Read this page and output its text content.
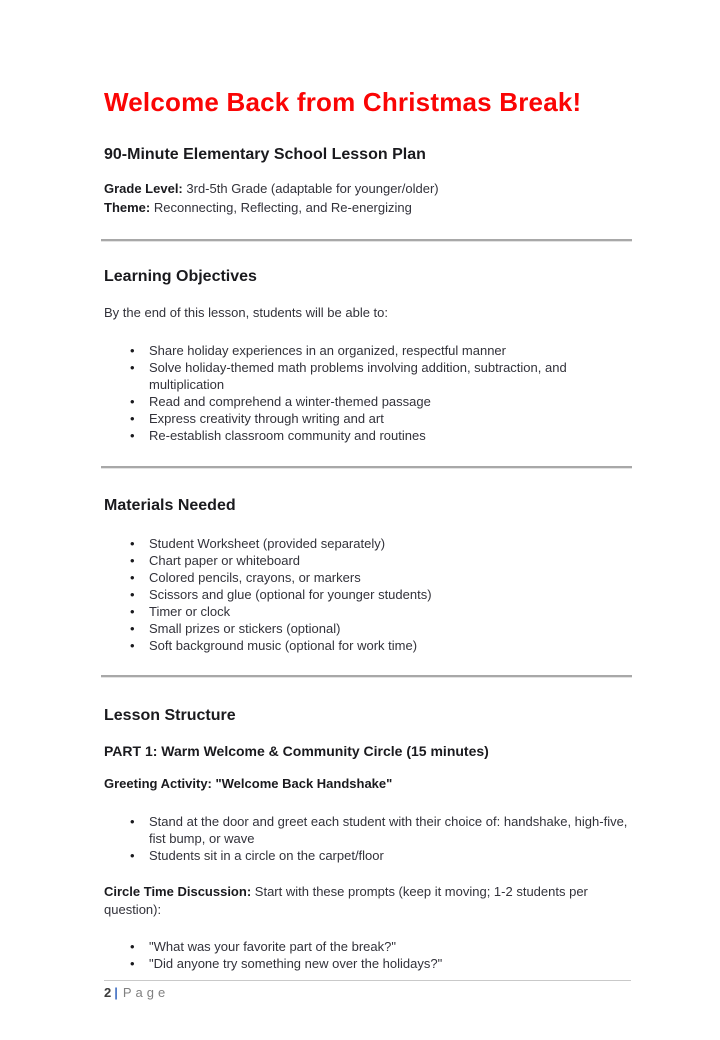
Welcome Back from Christmas Break!
90-Minute Elementary School Lesson Plan

Grade Level: 3rd-5th Grade (adaptable for younger/older)
Theme: Reconnecting, Reflecting, and Re-energizing

Learning Objectives

By the end of this lesson, students will be able to:

• Share holiday experiences in an organized, respectful manner
• Solve holiday-themed math problems involving addition, subtraction, and multiplication
• Read and comprehend a winter-themed passage
• Express creativity through writing and art
• Re-establish classroom community and routines
Materials Needed
• Student Worksheet (provided separately)
• Chart paper or whiteboard
• Colored pencils, crayons, or markers
• Scissors and glue (optional for younger students)
• Timer or clock
• Small prizes or stickers (optional)
• Soft background music (optional for work time)
Lesson Structure
PART 1: Warm Welcome & Community Circle (15 minutes)
Greeting Activity: "Welcome Back Handshake"
• Stand at the door and greet each student with their choice of: handshake, high-five, fist bump, or wave
• Students sit in a circle on the carpet/floor

Circle Time Discussion: Start with these prompts (keep it moving; 1-2 students per question):

• "What was your favorite part of the break?"
• "Did anyone try something new over the holidays?"
2 | Page
